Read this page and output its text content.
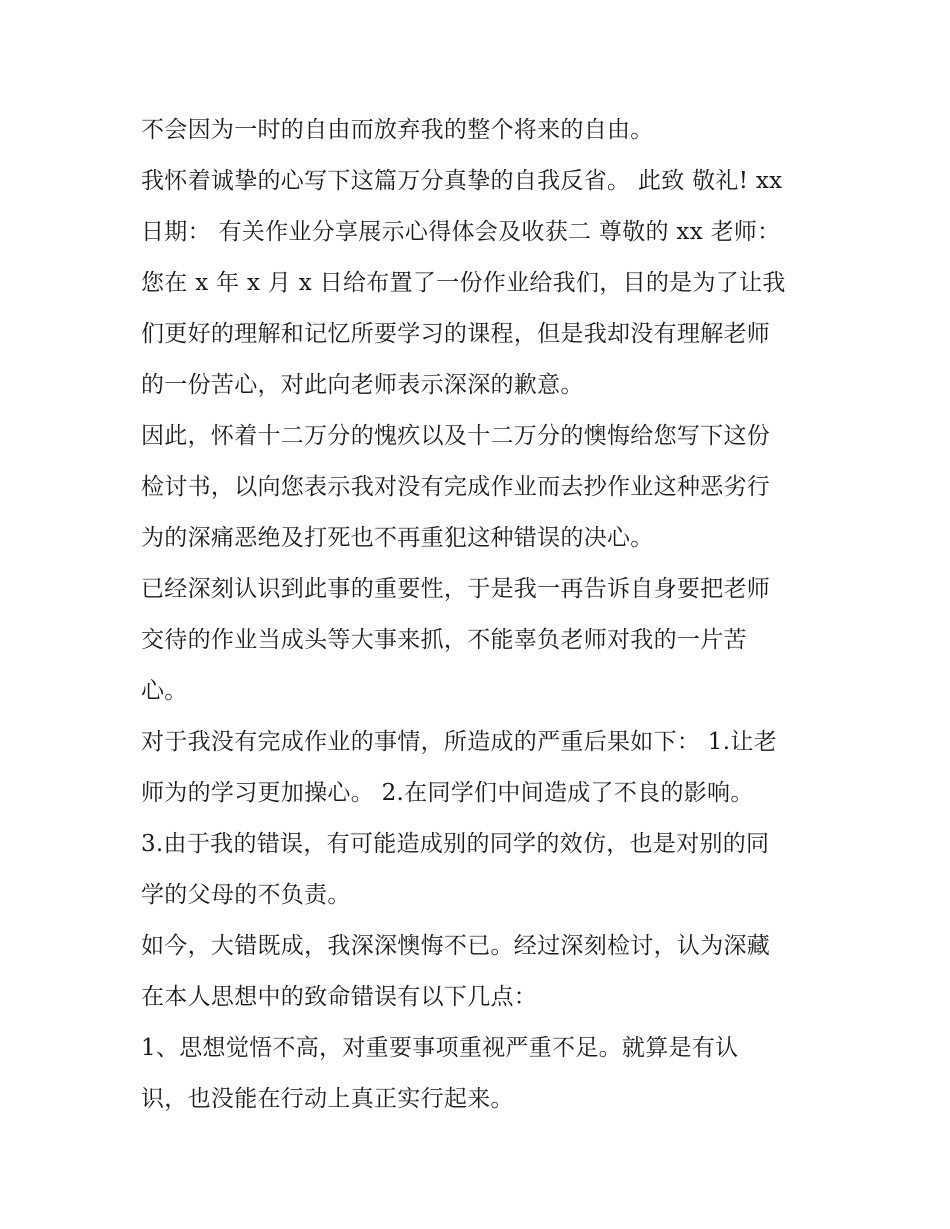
不会因为一时的自由而放弃我的整个将来的自由。
我怀着诚挚的心写下这篇万分真挚的自我反省。 此致 敬礼! xx
日期： 有关作业分享展示心得体会及收获二 尊敬的 xx 老师：
您在 x 年 x 月 x 日给布置了一份作业给我们，目的是为了让我
们更好的理解和记忆所要学习的课程，但是我却没有理解老师
的一份苦心，对此向老师表示深深的歉意。
因此，怀着十二万分的愧疚以及十二万分的懊悔给您写下这份
检讨书，以向您表示我对没有完成作业而去抄作业这种恶劣行
为的深痛恶绝及打死也不再重犯这种错误的决心。
已经深刻认识到此事的重要性，于是我一再告诉自身要把老师
交待的作业当成头等大事来抓，不能辜负老师对我的一片苦
心。
对于我没有完成作业的事情，所造成的严重后果如下： 1.让老
师为的学习更加操心。 2.在同学们中间造成了不良的影响。
3.由于我的错误，有可能造成别的同学的效仿，也是对别的同
学的父母的不负责。
如今，大错既成，我深深懊悔不已。经过深刻检讨，认为深藏
在本人思想中的致命错误有以下几点：
1、思想觉悟不高，对重要事项重视严重不足。就算是有认
识，也没能在行动上真正实行起来。
